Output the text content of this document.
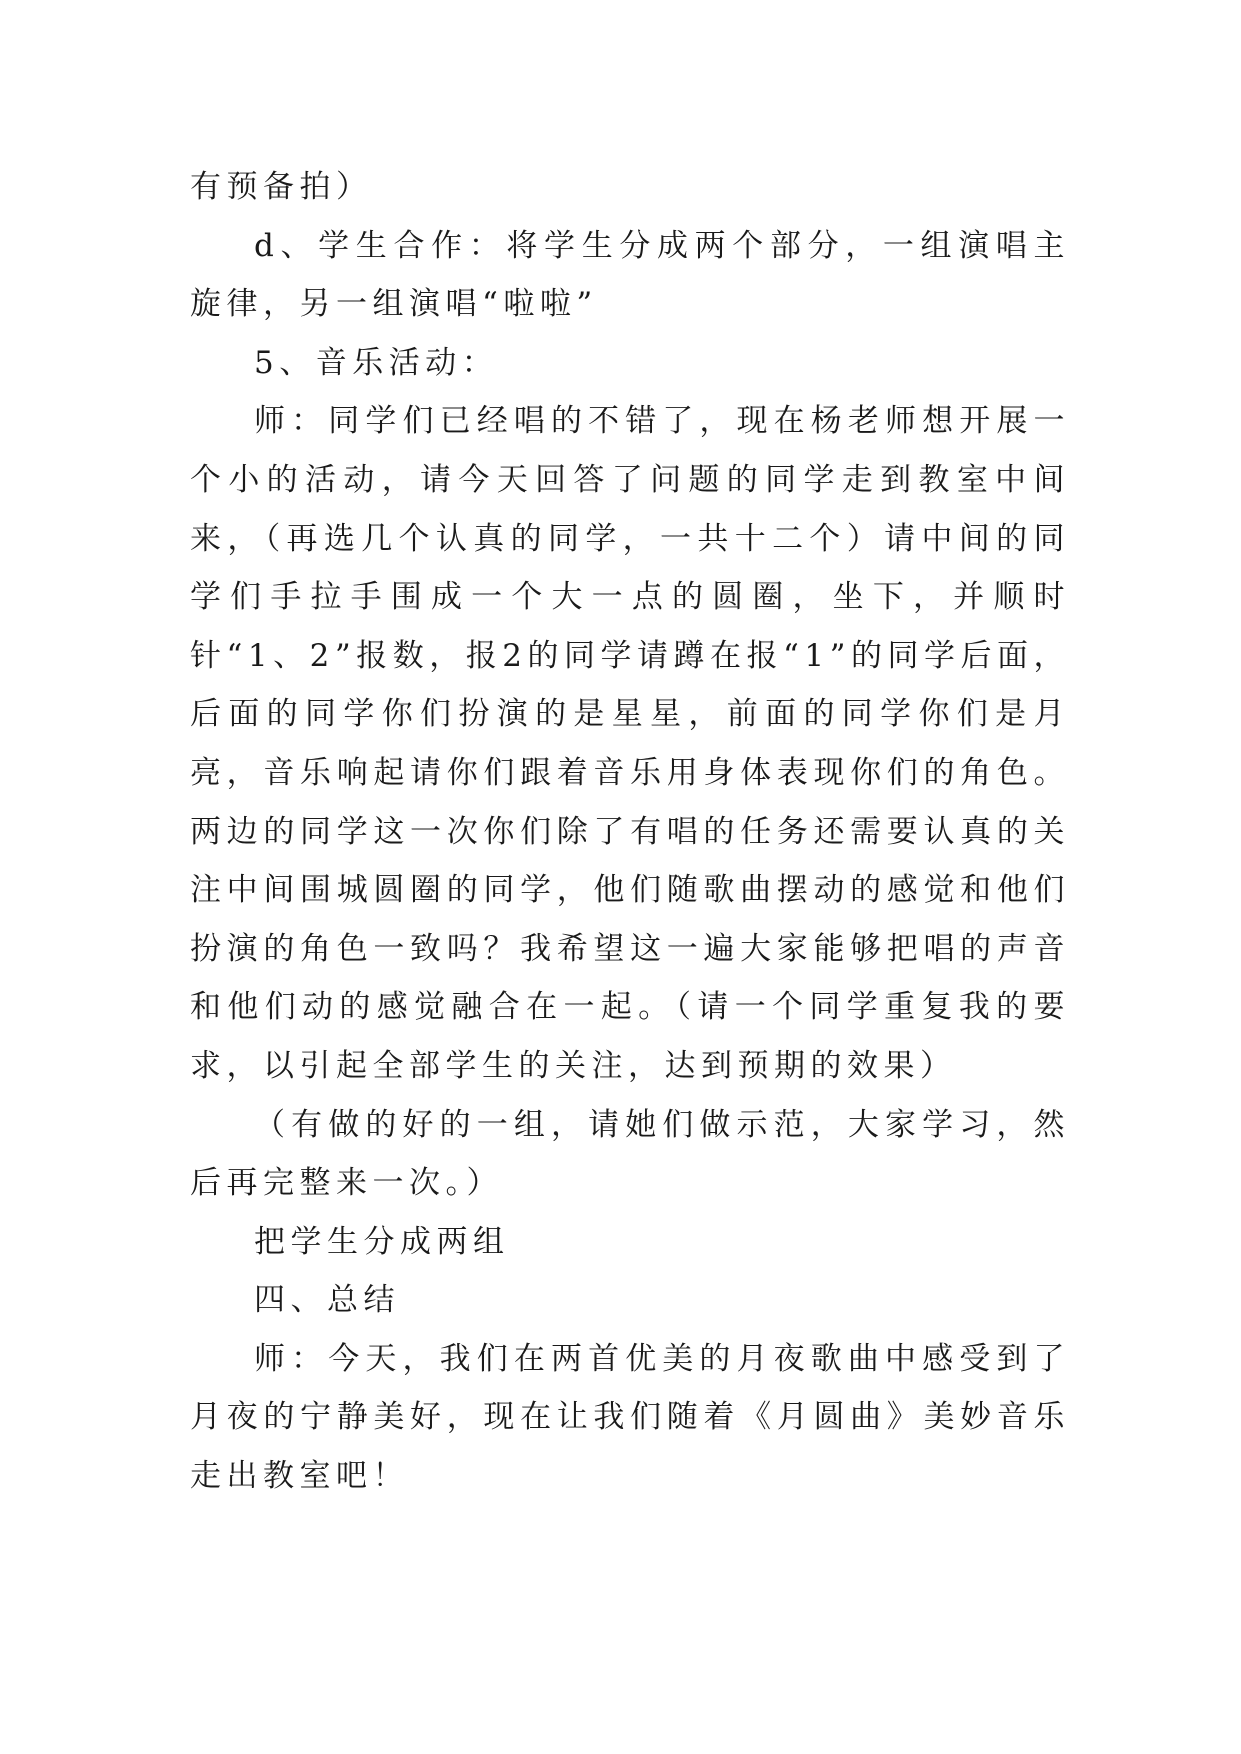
有预备拍）

d、学生合作：将学生分成两个部分，一组演唱主旋律，另一组演唱“啦啦”

5、音乐活动：

师：同学们已经唱的不错了，现在杨老师想开展一个小的活动，请今天回答了问题的同学走到教室中间来，（再选几个认真的同学，一共十二个）请中间的同学们手拉手围成一个大一点的圆圈，坐下，并顺时针“1、2”报数，报2的同学请蹲在报“1”的同学后面，后面的同学你们扮演的是星星，前面的同学你们是月亮，音乐响起请你们跟着音乐用身体表现你们的角色。两边的同学这一次你们除了有唱的任务还需要认真的关注中间围城圆圈的同学，他们随歌曲摆动的感觉和他们扮演的角色一致吗？我希望这一遍大家能够把唱的声音和他们动的感觉融合在一起。（请一个同学重复我的要求，以引起全部学生的关注，达到预期的效果）

（有做的好的一组，请她们做示范，大家学习，然后再完整来一次。）

把学生分成两组

四、总结

师：今天，我们在两首优美的月夜歌曲中感受到了月夜的宁静美好，现在让我们随着《月圆曲》美妙音乐走出教室吧！
